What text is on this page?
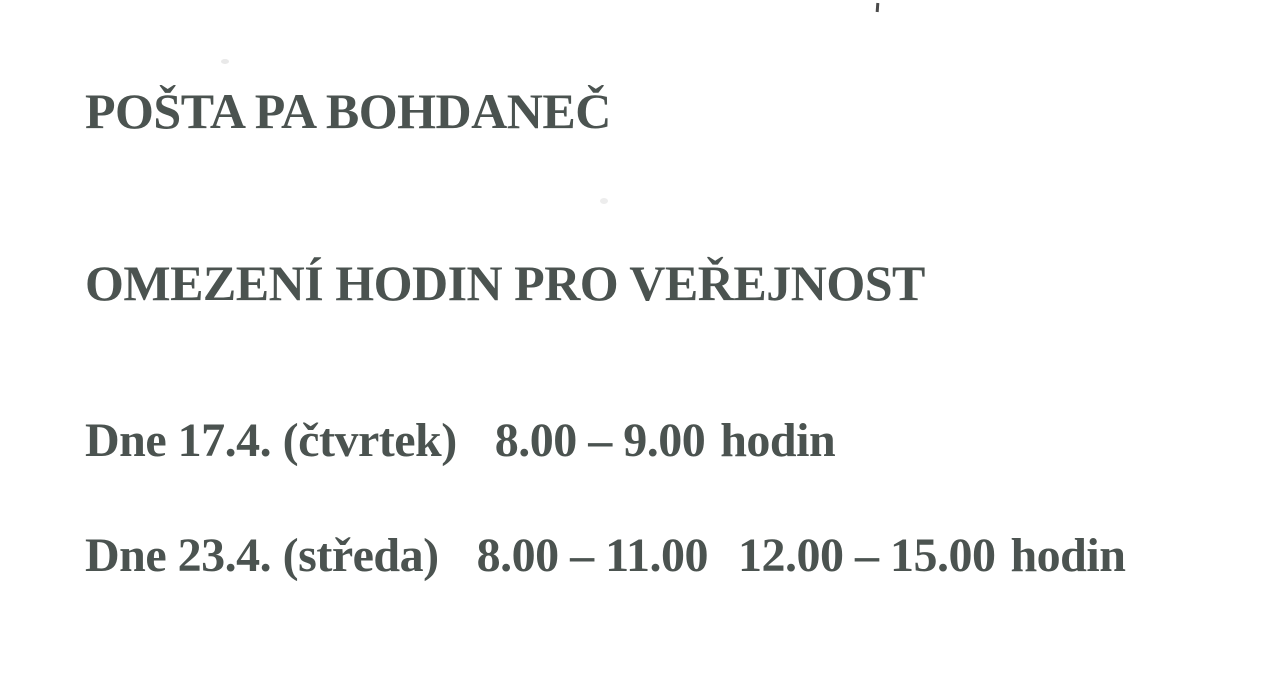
POŠTA PA BOHDANEČ
OMEZENÍ HODIN PRO VEŘEJNOST
Dne 17.4. (čtvrtek) 8.00 – 9.00 hodin
Dne 23.4. (středa) 8.00 – 11.00 12.00 – 15.00 hodin
